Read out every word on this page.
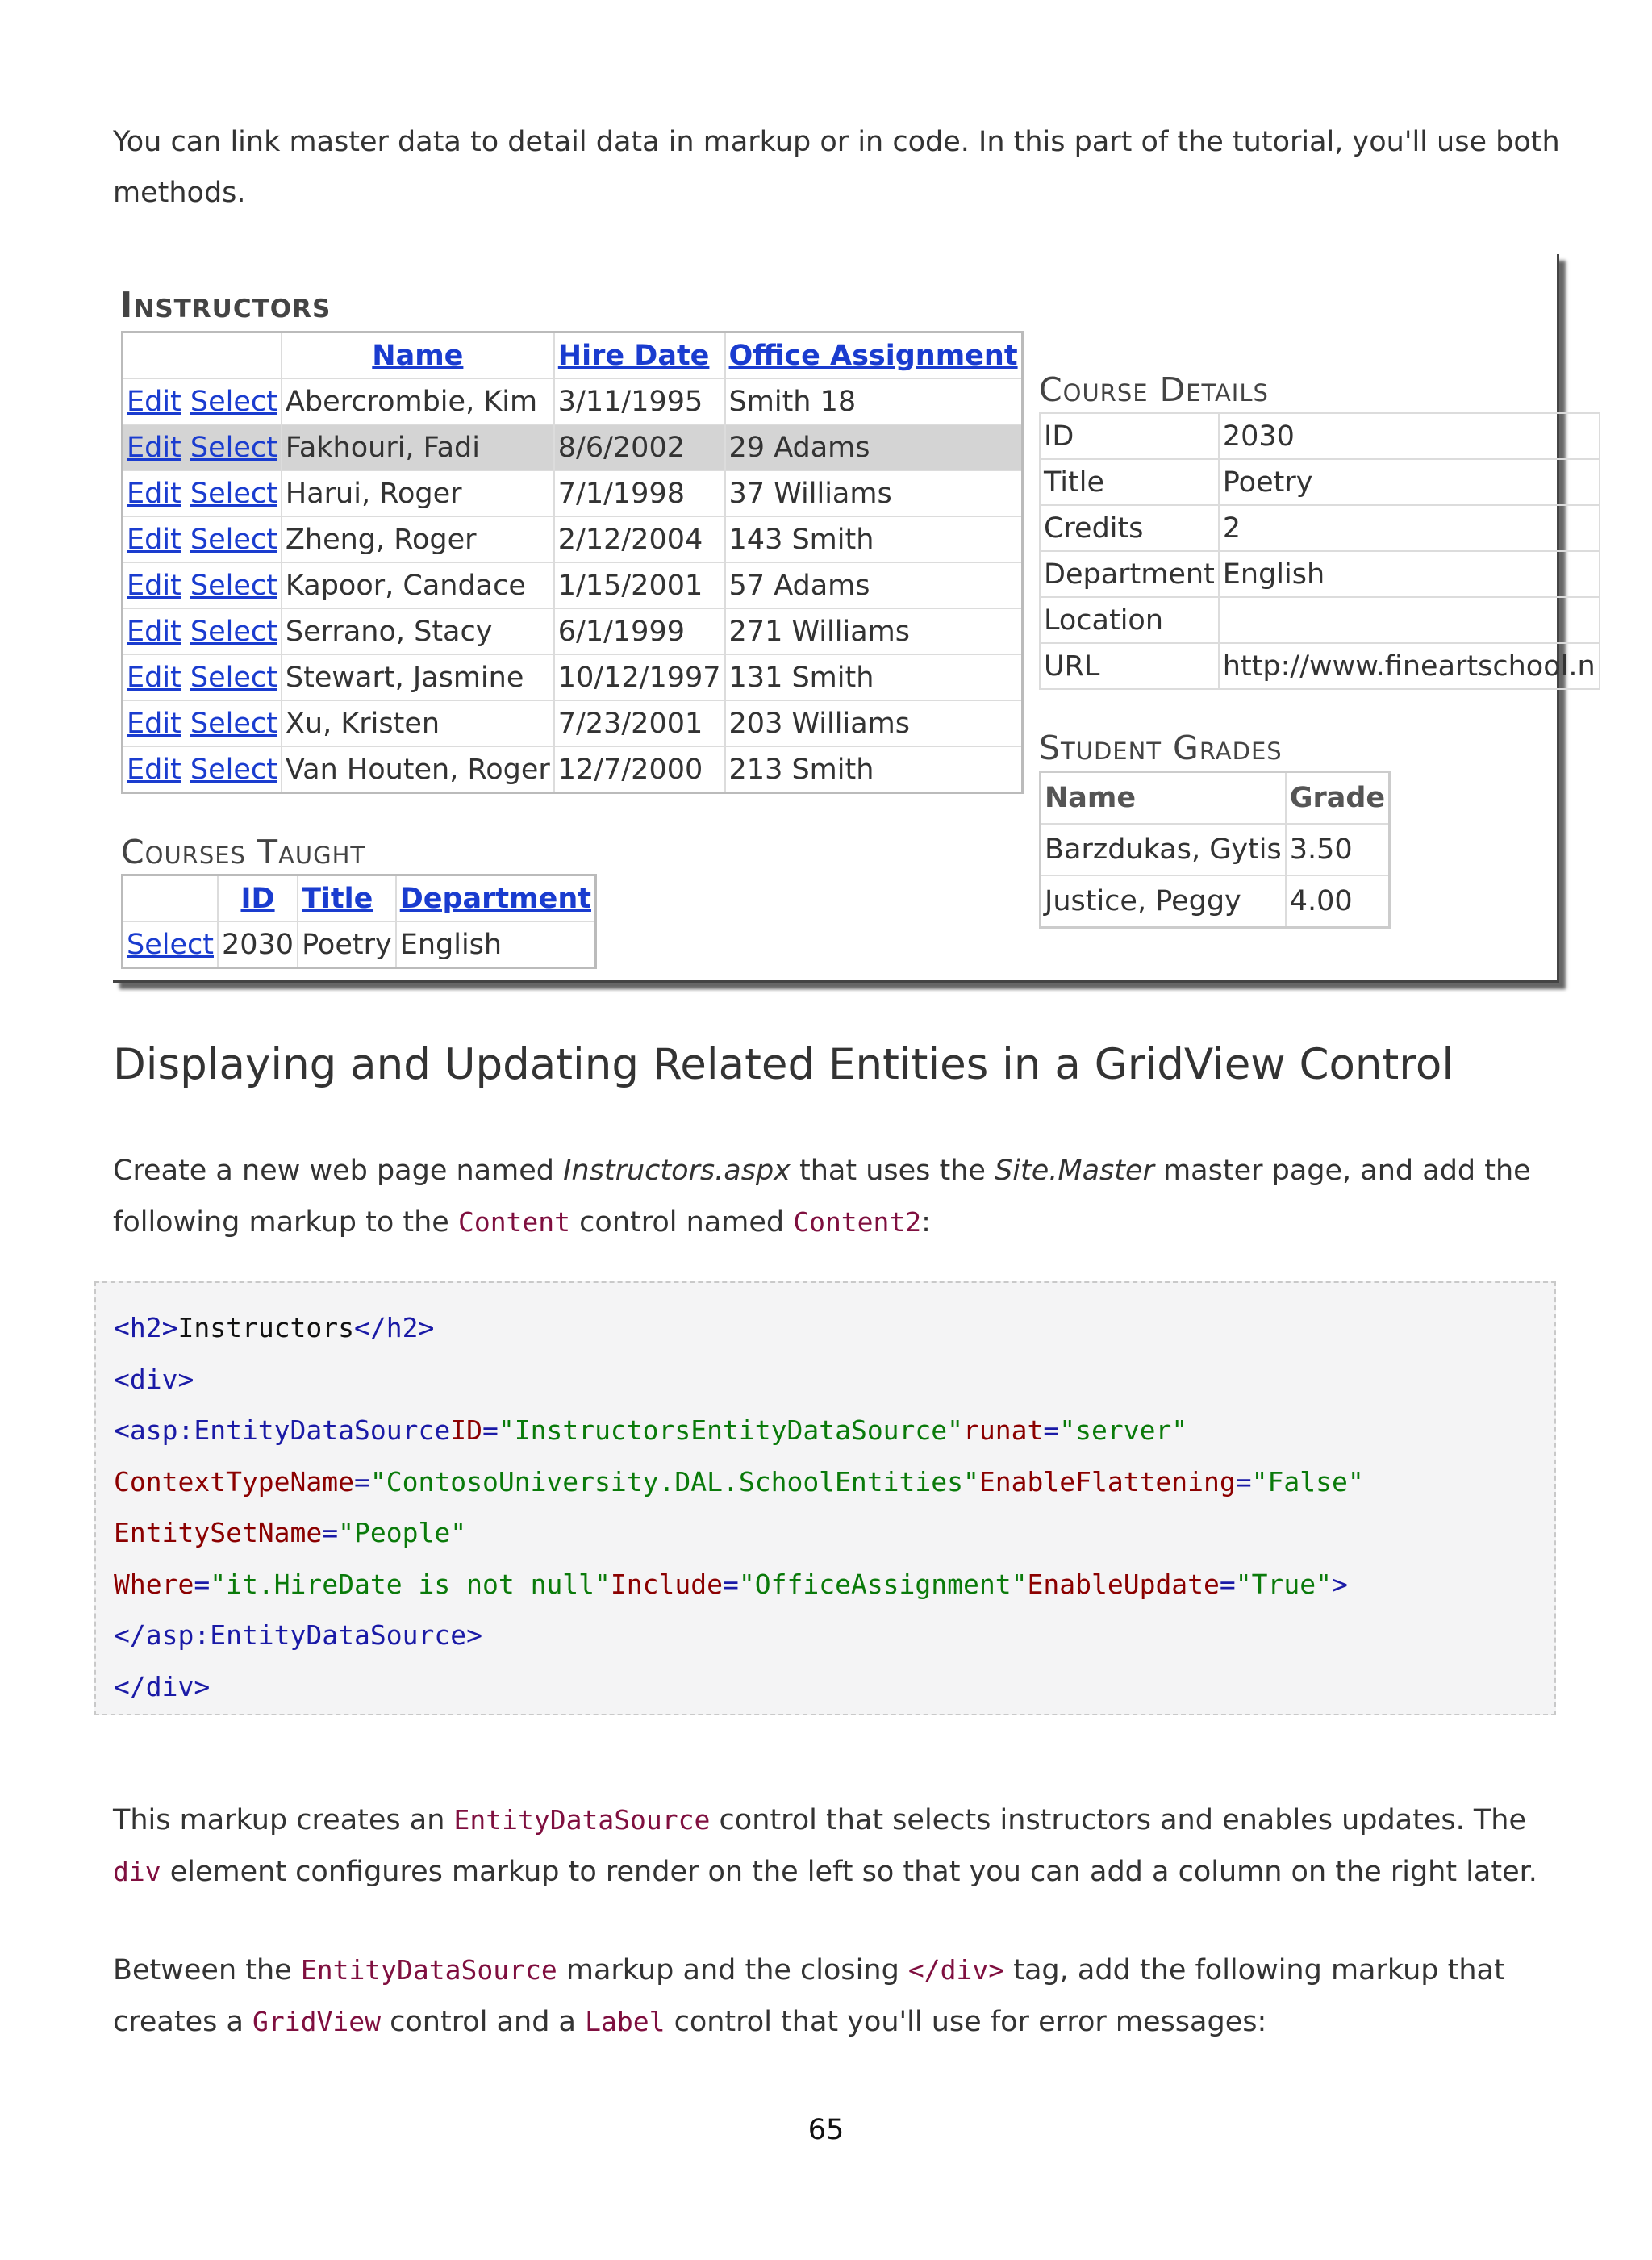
You can link master data to detail data in markup or in code. In this part of the tutorial, you'll use both methods.

Instructors
	Name	Hire Date	Office Assignment
Edit Select	Abercrombie, Kim	3/11/1995	Smith 18
Edit Select	Fakhouri, Fadi	8/6/2002	29 Adams
Edit Select	Harui, Roger	7/1/1998	37 Williams
Edit Select	Zheng, Roger	2/12/2004	143 Smith
Edit Select	Kapoor, Candace	1/15/2001	57 Adams
Edit Select	Serrano, Stacy	6/1/1999	271 Williams
Edit Select	Stewart, Jasmine	10/12/1997	131 Smith
Edit Select	Xu, Kristen	7/23/2001	203 Williams
Edit Select	Van Houten, Roger	12/7/2000	213 Smith
Courses Taught
	ID	Title	Department
Select	2030	Poetry	English
Course Details
ID	2030
Title	Poetry
Credits	2
Department	English
Location	
URL	http://www.fineartschool.n
Student Grades
Name	Grade
Barzdukas, Gytis	3.50
Justice, Peggy	4.00
Displaying and Updating Related Entities in a GridView Control

Create a new web page named Instructors.aspx that uses the Site.Master master page, and add the following markup to the Content control named Content2:

<h2>Instructors</h2>
<div>
<asp:EntityDataSourceID="InstructorsEntityDataSource"runat="server"
ContextTypeName="ContosoUniversity.DAL.SchoolEntities"EnableFlattening="False"
EntitySetName="People"
Where="it.HireDate is not null"Include="OfficeAssignment"EnableUpdate="True">
</asp:EntityDataSource>
</div>

This markup creates an EntityDataSource control that selects instructors and enables updates. The div element configures markup to render on the left so that you can add a column on the right later.

Between the EntityDataSource markup and the closing </div> tag, add the following markup that creates a GridView control and a Label control that you'll use for error messages:

65
